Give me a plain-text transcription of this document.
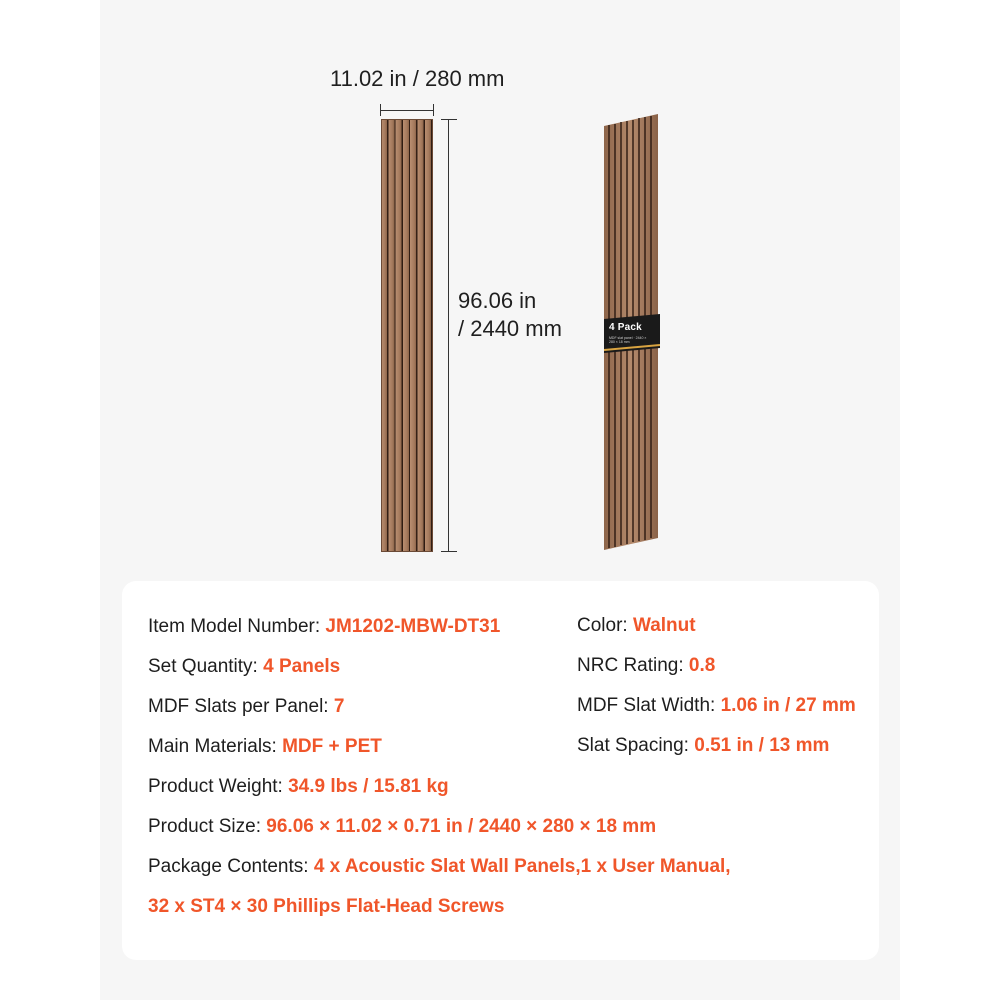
11.02 in / 280 mm
96.06 in
/ 2440 mm	4 Pack
MDF slat panel · 2440 × 280 × 18 mm
Item Model Number: JM1202-MBW-DT31	Color: Walnut
Set Quantity: 4 Panels	NRC Rating: 0.8
MDF Slats per Panel: 7	MDF Slat Width: 1.06 in / 27 mm
Main Materials: MDF + PET	Slat Spacing: 0.51 in / 13 mm
Product Weight: 34.9 lbs / 15.81 kg
Product Size: 96.06 × 11.02 × 0.71 in / 2440 × 280 × 18 mm
Package Contents: 4 x Acoustic Slat Wall Panels,1 x User Manual,
32 x ST4 × 30 Phillips Flat-Head Screws
